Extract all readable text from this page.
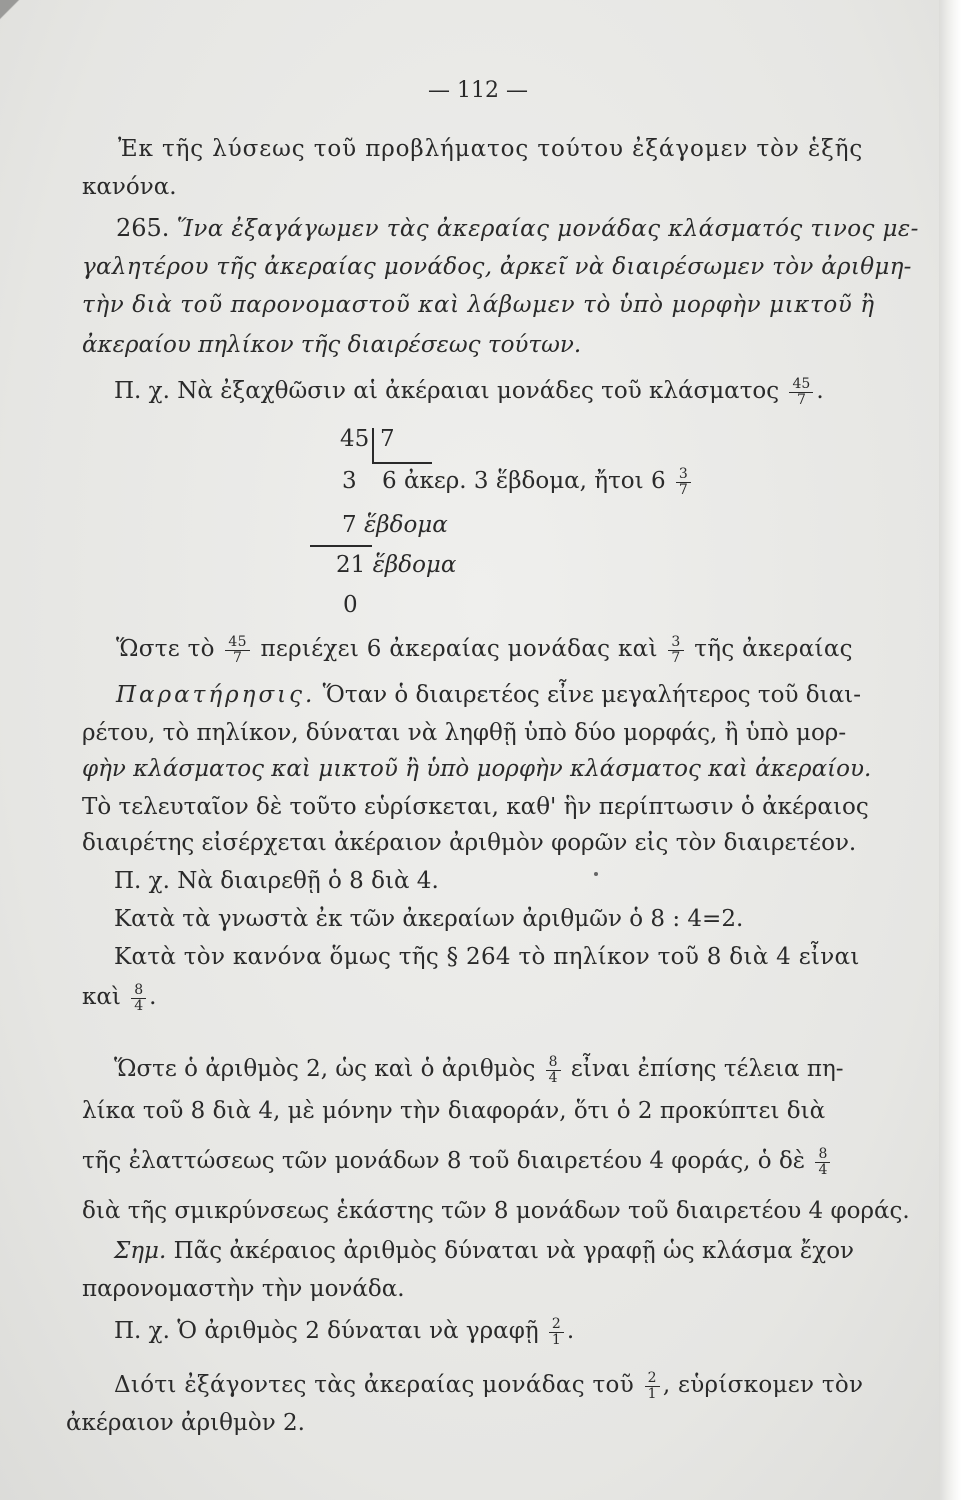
— 112 —
Ἐκ τῆς λύσεως τοῦ προβλήματος τούτου ἐξάγομεν τὸν ἑξῆς
κανόνα.
265. Ἵνα ἐξαγάγωμεν τὰς ἀκεραίας μονάδας κλάσματός τινος με-
γαλητέρου τῆς ἀκεραίας μονάδος, ἀρκεῖ νὰ διαιρέσωμεν τὸν ἀριθμη-
τὴν διὰ τοῦ παρονομαστοῦ καὶ λάβωμεν τὸ ὑπὸ μορφὴν μικτοῦ ἢ
ἀκεραίου πηλίκον τῆς διαιρέσεως τούτων.
Π. χ. Νὰ ἐξαχθῶσιν αἱ ἀκέραιαι μονάδες τοῦ κλάσματος $\frac{45}{7}$ .
45 7
3 6 ἀκερ. 3 ἕβδομα, ἤτοι $6 \frac{3}{7}$
7 ἕβδομα
21 ἕβδομα
0
Ὥστε τὸ $\frac{45}{7}$ περιέχει 6 ἀκεραίας μονάδας καὶ $\frac{3}{7}$ τῆς ἀκεραίας
Παρατήρησις. Ὅταν ὁ διαιρετέος εἶνε μεγαλήτερος τοῦ διαι-
ρέτου, τὸ πηλίκον, δύναται νὰ ληφθῇ ὑπὸ δύο μορφάς, ἢ ὑπὸ μορ-
φὴν κλάσματος καὶ μικτοῦ ἢ ὑπὸ μορφὴν κλάσματος καὶ ἀκεραίου.
Τὸ τελευταῖον δὲ τοῦτο εὑρίσκεται, καθ' ἣν περίπτωσιν ὁ ἀκέραιος
διαιρέτης εἰσέρχεται ἀκέραιον ἀριθμὸν φορῶν εἰς τὸν διαιρετέον.
Π. χ. Νὰ διαιρεθῇ ὁ 8 διὰ 4.
Κατὰ τὰ γνωστὰ ἐκ τῶν ἀκεραίων ἀριθμῶν ὁ 8 : 4=2.
Κατὰ τὸν κανόνα ὅμως τῆς § 264 τὸ πηλίκον τοῦ 8 διὰ 4 εἶναι
καὶ $\frac{8}{4}$ .
Ὥστε ὁ ἀριθμὸς 2, ὡς καὶ ὁ ἀριθμὸς $\frac{8}{4}$ εἶναι ἐπίσης τέλεια πη-
λίκα τοῦ 8 διὰ 4, μὲ μόνην τὴν διαφοράν, ὅτι ὁ 2 προκύπτει διὰ
τῆς ἐλαττώσεως τῶν μονάδων 8 τοῦ διαιρετέου 4 φοράς, ὁ δὲ $\frac{8}{4}$
διὰ τῆς σμικρύνσεως ἑκάστης τῶν 8 μονάδων τοῦ διαιρετέου 4 φοράς.
Σημ. Πᾶς ἀκέραιος ἀριθμὸς δύναται νὰ γραφῇ ὡς κλάσμα ἔχον
παρονομαστὴν τὴν μονάδα.
Π. χ. Ὁ ἀριθμὸς 2 δύναται νὰ γραφῇ $\frac{2}{1}$ .
Διότι ἐξάγοντες τὰς ἀκεραίας μονάδας τοῦ $\frac{2}{1}$ , εὑρίσκομεν τὸν
ἀκέραιον ἀριθμὸν 2.
